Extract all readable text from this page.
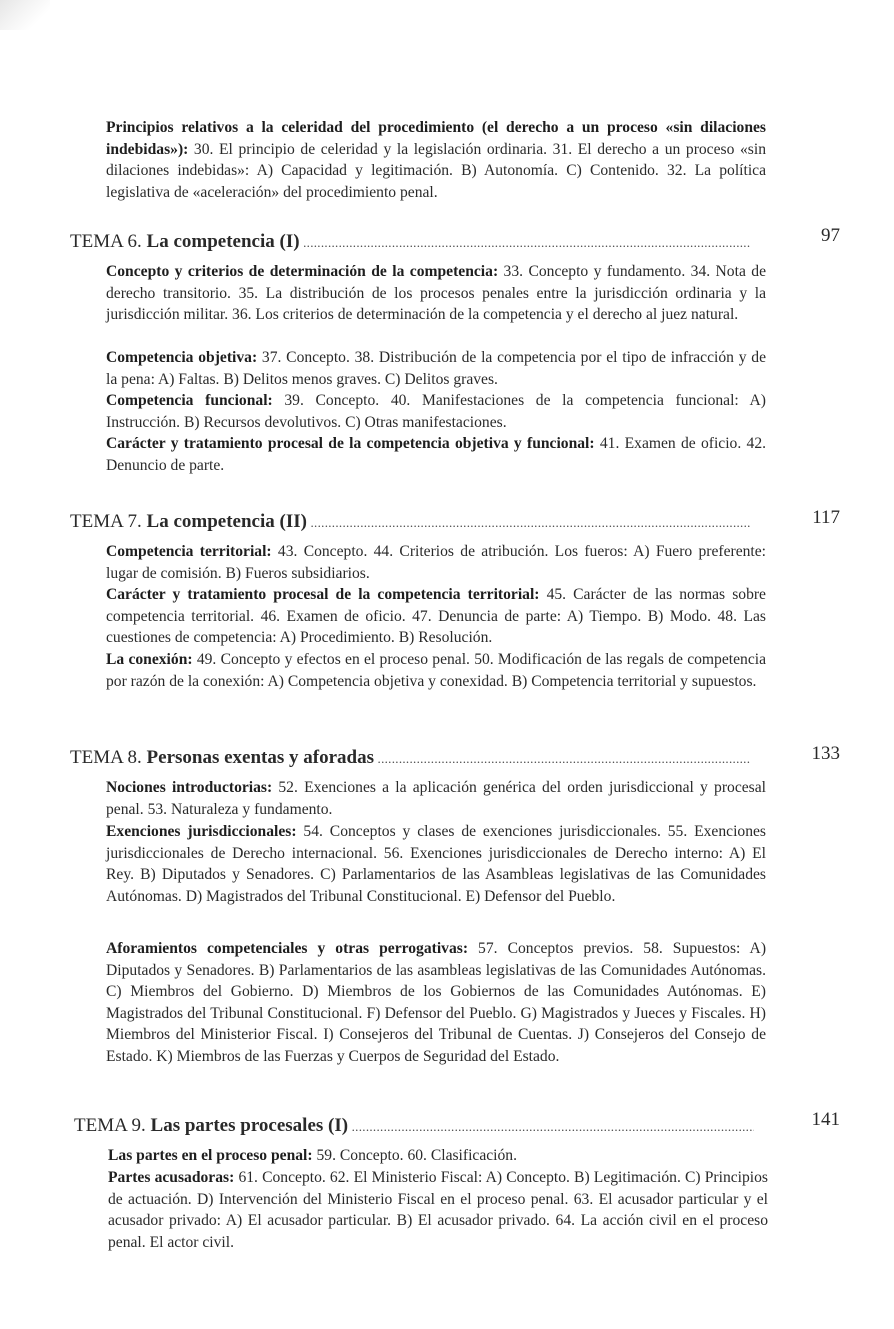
Principios relativos a la celeridad del procedimiento (el derecho a un proceso «sin dilaciones indebidas»): 30. El principio de celeridad y la legislación ordinaria. 31. El derecho a un proceso «sin dilaciones indebidas»: A) Capacidad y legitimación. B) Autonomía. C) Contenido. 32. La política legislativa de «aceleración» del procedimiento penal.

TEMA 6. La competencia (I) .....	97

Concepto y criterios de determinación de la competencia: 33. Concepto y fundamento. 34. Nota de derecho transitorio. 35. La distribución de los procesos penales entre la jurisdicción ordinaria y la jurisdicción militar. 36. Los criterios de determinación de la competencia y el derecho al juez natural.

Competencia objetiva: 37. Concepto. 38. Distribución de la competencia por el tipo de infracción y de la pena: A) Faltas. B) Delitos menos graves. C) Delitos graves.

Competencia funcional: 39. Concepto. 40. Manifestaciones de la competencia funcional: A) Instrucción. B) Recursos devolutivos. C) Otras manifestaciones.

Carácter y tratamiento procesal de la competencia objetiva y funcional: 41. Examen de oficio. 42. Denuncio de parte.

TEMA 7. La competencia (II) .....	117

Competencia territorial: 43. Concepto. 44. Criterios de atribución. Los fueros: A) Fuero preferente: lugar de comisión. B) Fueros subsidiarios.

Carácter y tratamiento procesal de la competencia territorial: 45. Carácter de las normas sobre competencia territorial. 46. Examen de oficio. 47. Denuncia de parte: A) Tiempo. B) Modo. 48. Las cuestiones de competencia: A) Procedimiento. B) Resolución.

La conexión: 49. Concepto y efectos en el proceso penal. 50. Modificación de las regals de competencia por razón de la conexión: A) Competencia objetiva y conexidad. B) Competencia territorial y supuestos.

TEMA 8. Personas exentas y aforadas .....	133

Nociones introductorias: 52. Exenciones a la aplicación genérica del orden jurisdiccional y procesal penal. 53. Naturaleza y fundamento.

Exenciones jurisdiccionales: 54. Conceptos y clases de exenciones jurisdiccionales. 55. Exenciones jurisdiccionales de Derecho internacional. 56. Exenciones jurisdiccionales de Derecho interno: A) El Rey. B) Diputados y Senadores. C) Parlamentarios de las Asambleas legislativas de las Comunidades Autónomas. D) Magistrados del Tribunal Constitucional. E) Defensor del Pueblo.

Aforamientos competenciales y otras perrogativas: 57. Conceptos previos. 58. Supuestos: A) Diputados y Senadores. B) Parlamentarios de las asambleas legislativas de las Comunidades Autónomas. C) Miembros del Gobierno. D) Miembros de los Gobiernos de las Comunidades Autónomas. E) Magistrados del Tribunal Constitucional. F) Defensor del Pueblo. G) Magistrados y Jueces y Fiscales. H) Miembros del Ministerior Fiscal. I) Consejeros del Tribunal de Cuentas. J) Consejeros del Consejo de Estado. K) Miembros de las Fuerzas y Cuerpos de Seguridad del Estado.

TEMA 9. Las partes procesales (I) .....	141

Las partes en el proceso penal: 59. Concepto. 60. Clasificación.

Partes acusadoras: 61. Concepto. 62. El Ministerio Fiscal: A) Concepto. B) Legitimación. C) Principios de actuación. D) Intervención del Ministerio Fiscal en el proceso penal. 63. El acusador particular y el acusador privado: A) El acusador particular. B) El acusador privado. 64. La acción civil en el proceso penal. El actor civil.
